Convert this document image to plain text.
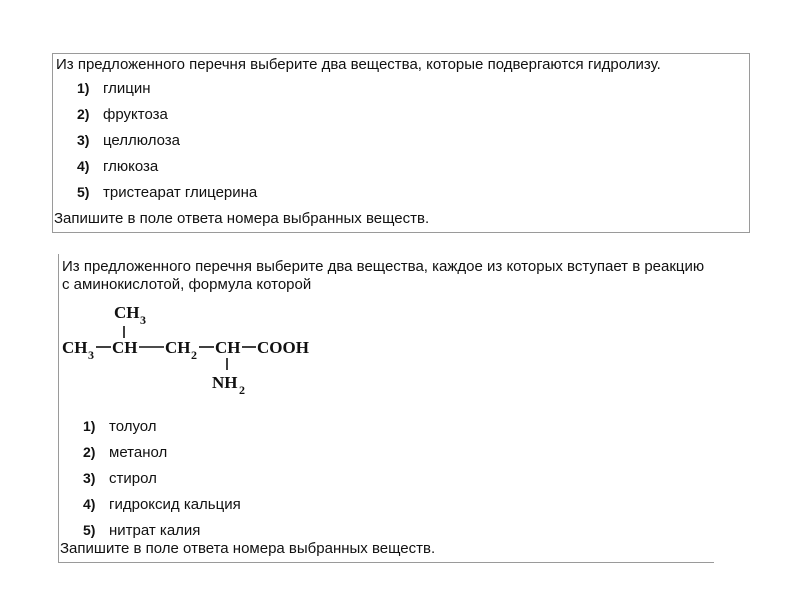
Из предложенного перечня выберите два вещества, которые подвергаются гидролизу.

1) глицин
2) фруктоза
3) целлюлоза
4) глюкоза
5) тристеарат глицерина

Запишите в поле ответа номера выбранных веществ.

Из предложенного перечня выберите два вещества, каждое из которых вступает в реакцию с аминокислотой, формула которой

CH 3
CH 3 CH CH 2 CH COOH
NH 2
1) толуол
2) метанол
3) стирол
4) гидроксид кальция
5) нитрат калия

Запишите в поле ответа номера выбранных веществ.
